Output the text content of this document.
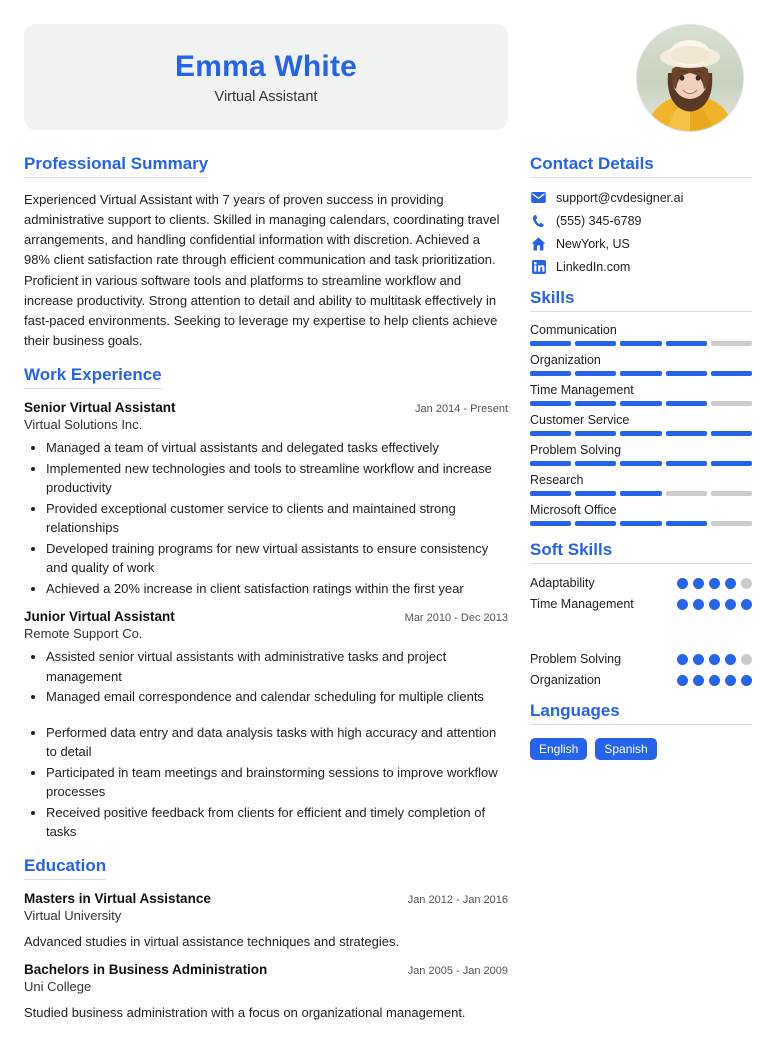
Emma White
Virtual Assistant
Professional Summary
Experienced Virtual Assistant with 7 years of proven success in providing administrative support to clients. Skilled in managing calendars, coordinating travel arrangements, and handling confidential information with discretion. Achieved a 98% client satisfaction rate through efficient communication and task prioritization. Proficient in various software tools and platforms to streamline workflow and increase productivity. Strong attention to detail and ability to multitask effectively in fast-paced environments. Seeking to leverage my expertise to help clients achieve their business goals.
Work Experience
Senior Virtual Assistant	Jan 2014 - Present
Virtual Solutions Inc.
• Managed a team of virtual assistants and delegated tasks effectively
• Implemented new technologies and tools to streamline workflow and increase productivity
• Provided exceptional customer service to clients and maintained strong relationships
• Developed training programs for new virtual assistants to ensure consistency and quality of work
• Achieved a 20% increase in client satisfaction ratings within the first year
Junior Virtual Assistant	Mar 2010 - Dec 2013
Remote Support Co.
• Assisted senior virtual assistants with administrative tasks and project management
• Managed email correspondence and calendar scheduling for multiple clients
• Performed data entry and data analysis tasks with high accuracy and attention to detail
• Participated in team meetings and brainstorming sessions to improve workflow processes
• Received positive feedback from clients for efficient and timely completion of tasks
Education
Masters in Virtual Assistance	Jan 2012 - Jan 2016
Virtual University
Advanced studies in virtual assistance techniques and strategies.
Bachelors in Business Administration	Jan 2005 - Jan 2009
Uni College
Studied business administration with a focus on organizational management.
Contact Details
support@cvdesigner.ai
(555) 345-6789
NewYork, US
LinkedIn.com
Skills
Communication
Organization
Time Management
Customer Service
Problem Solving
Research
Microsoft Office
Soft Skills
Adaptability
Time Management
Problem Solving
Organization
Languages
English	Spanish
